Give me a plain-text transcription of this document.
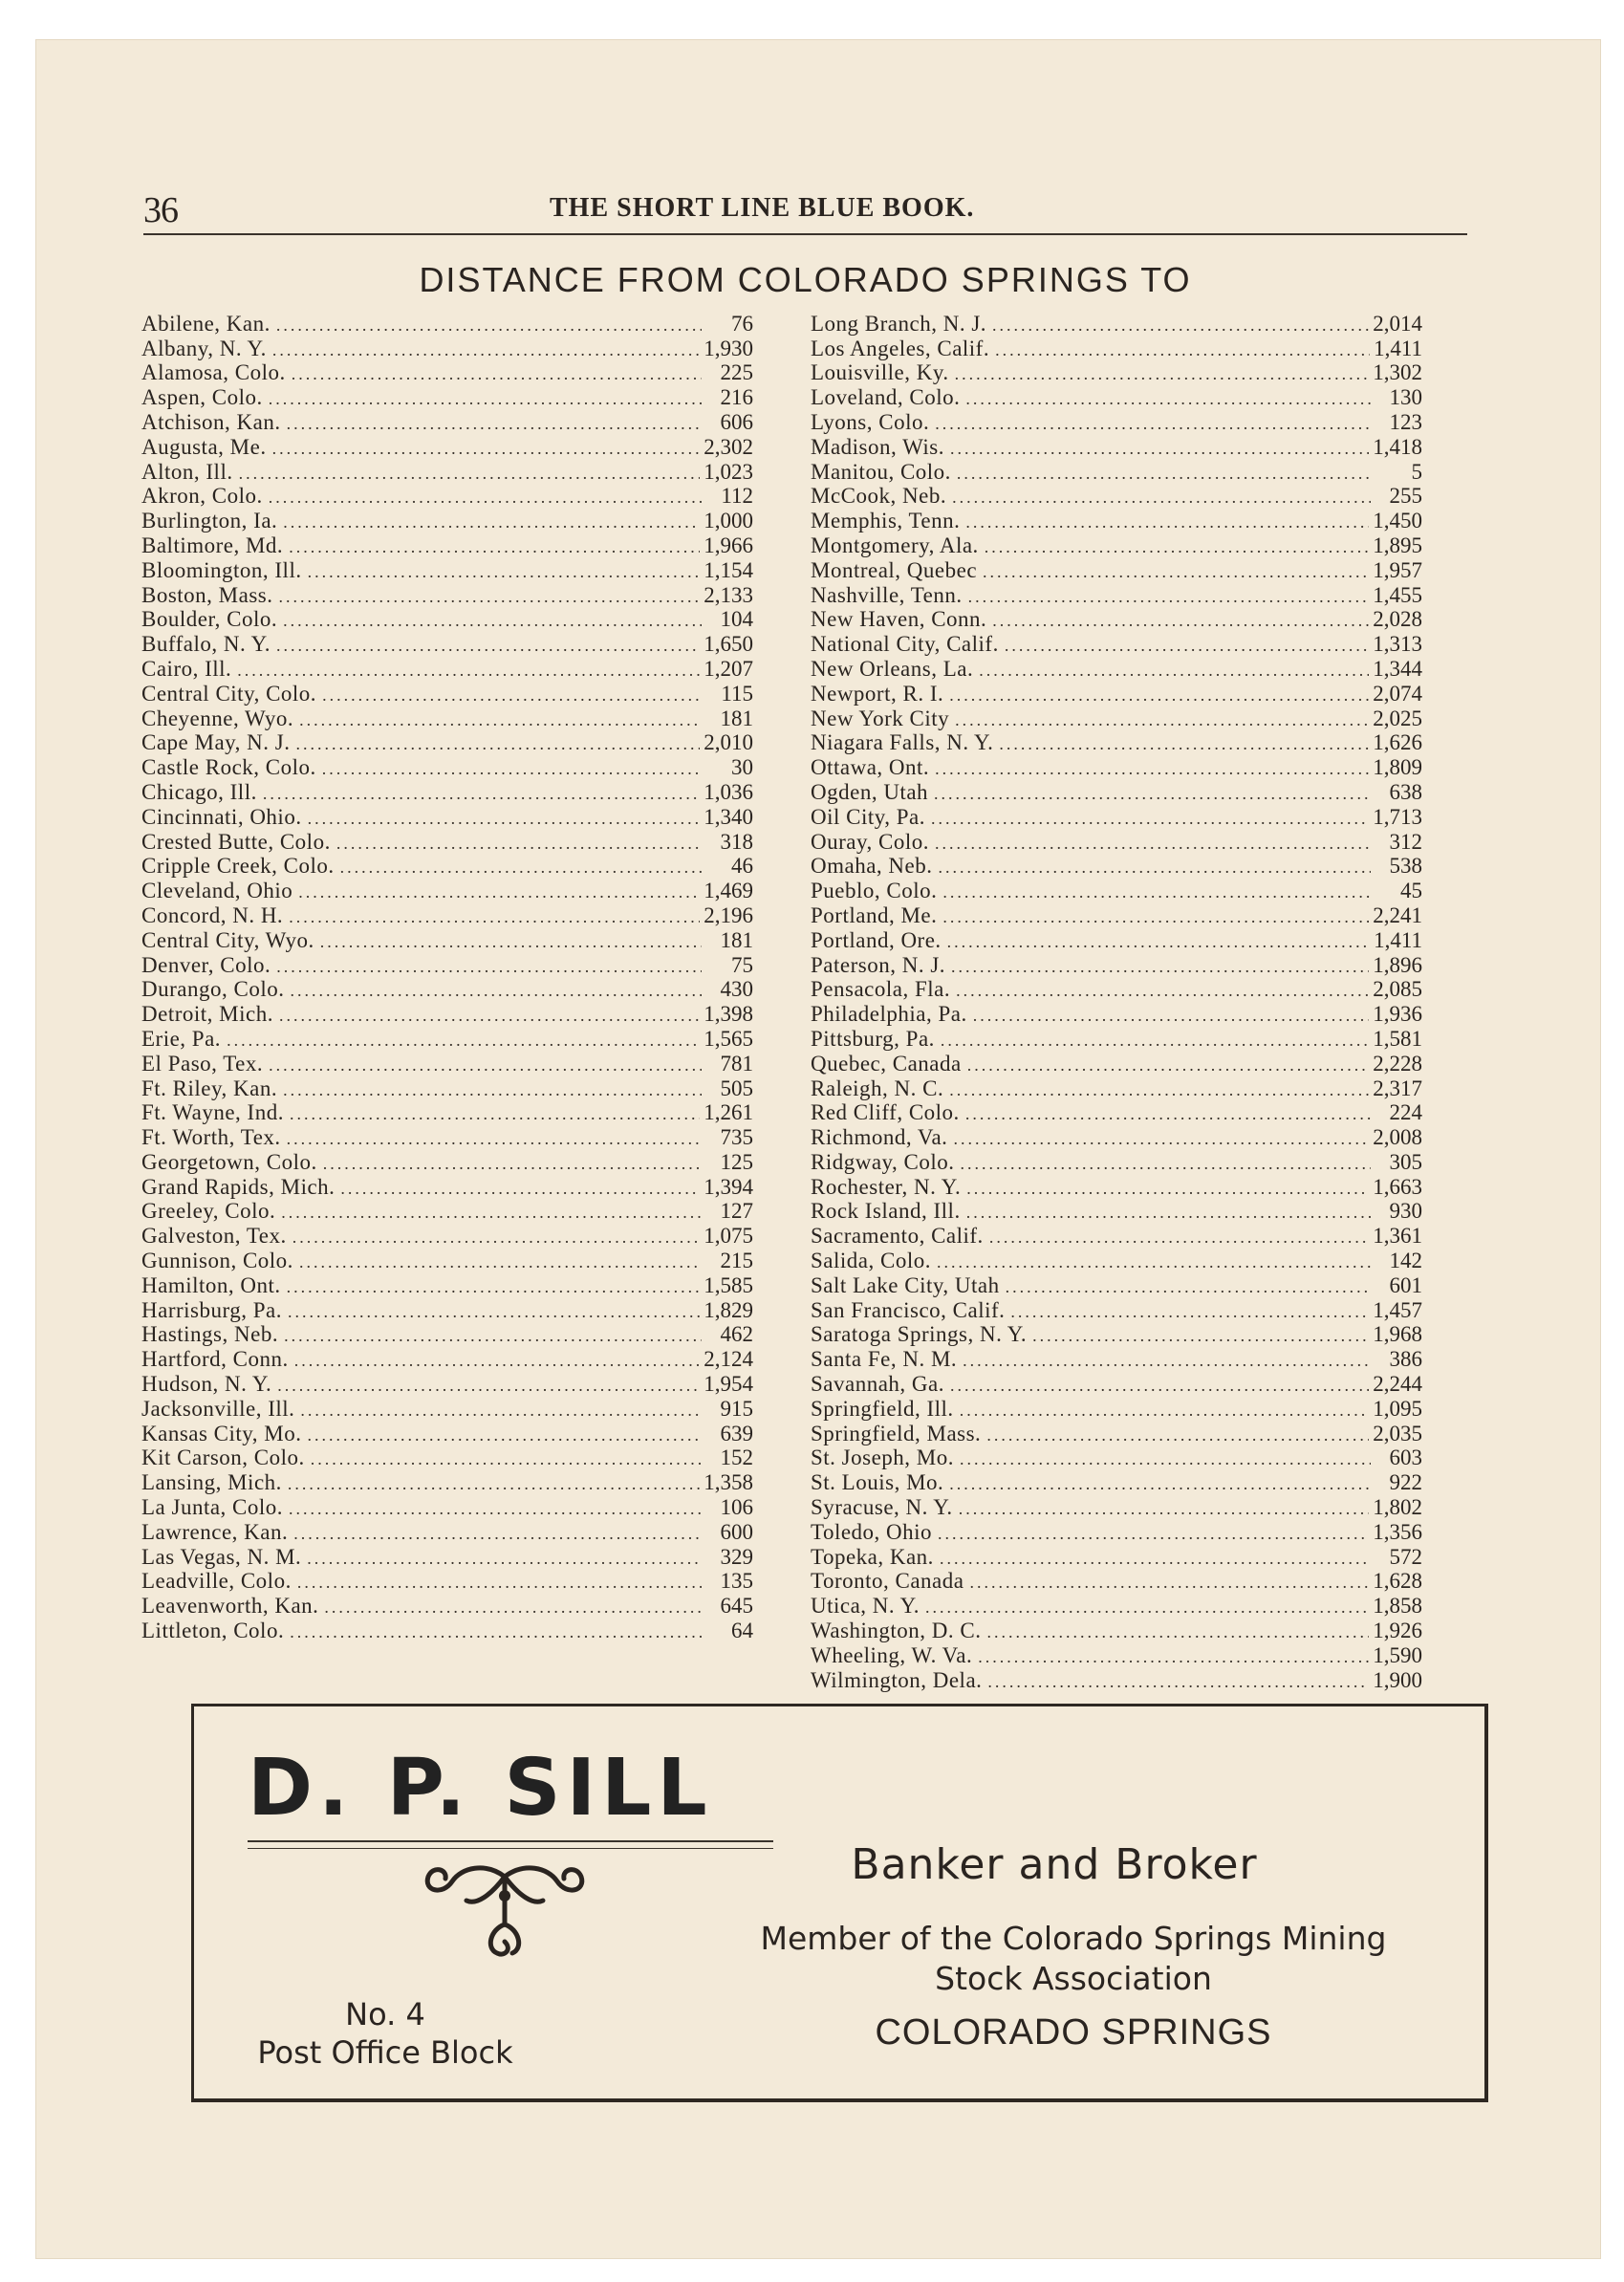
36	THE SHORT LINE BLUE BOOK.
DISTANCE FROM COLORADO SPRINGS TO
Abilene, Kan. .....	76
Albany, N. Y. .....	1,930
Alamosa, Colo. .....	225
Aspen, Colo. .....	216
Atchison, Kan. .....	606
Augusta, Me. .....	2,302
Alton, Ill. .....	1,023
Akron, Colo. .....	112
Burlington, Ia. .....	1,000
Baltimore, Md. .....	1,966
Bloomington, Ill. .....	1,154
Boston, Mass. .....	2,133
Boulder, Colo. .....	104
Buffalo, N. Y. .....	1,650
Cairo, Ill. .....	1,207
Central City, Colo. .....	115
Cheyenne, Wyo. .....	181
Cape May, N. J. .....	2,010
Castle Rock, Colo. .....	30
Chicago, Ill. .....	1,036
Cincinnati, Ohio. .....	1,340
Crested Butte, Colo. .....	318
Cripple Creek, Colo. .....	46
Cleveland, Ohio .....	1,469
Concord, N. H. .....	2,196
Central City, Wyo. .....	181
Denver, Colo. .....	75
Durango, Colo. .....	430
Detroit, Mich. .....	1,398
Erie, Pa. .....	1,565
El Paso, Tex. .....	781
Ft. Riley, Kan. .....	505
Ft. Wayne, Ind. .....	1,261
Ft. Worth, Tex. .....	735
Georgetown, Colo. .....	125
Grand Rapids, Mich. .....	1,394
Greeley, Colo. .....	127
Galveston, Tex. .....	1,075
Gunnison, Colo. .....	215
Hamilton, Ont. .....	1,585
Harrisburg, Pa. .....	1,829
Hastings, Neb. .....	462
Hartford, Conn. .....	2,124
Hudson, N. Y. .....	1,954
Jacksonville, Ill. .....	915
Kansas City, Mo. .....	639
Kit Carson, Colo. .....	152
Lansing, Mich. .....	1,358
La Junta, Colo. .....	106
Lawrence, Kan. .....	600
Las Vegas, N. M. .....	329
Leadville, Colo. .....	135
Leavenworth, Kan. .....	645
Littleton, Colo. .....	64
Long Branch, N. J. .....	2,014
Los Angeles, Calif. .....	1,411
Louisville, Ky. .....	1,302
Loveland, Colo. .....	130
Lyons, Colo. .....	123
Madison, Wis. .....	1,418
Manitou, Colo. .....	5
McCook, Neb. .....	255
Memphis, Tenn. .....	1,450
Montgomery, Ala. .....	1,895
Montreal, Quebec .....	1,957
Nashville, Tenn. .....	1,455
New Haven, Conn. .....	2,028
National City, Calif. .....	1,313
New Orleans, La. .....	1,344
Newport, R. I. .....	2,074
New York City .....	2,025
Niagara Falls, N. Y. .....	1,626
Ottawa, Ont. .....	1,809
Ogden, Utah .....	638
Oil City, Pa. .....	1,713
Ouray, Colo. .....	312
Omaha, Neb. .....	538
Pueblo, Colo. .....	45
Portland, Me. .....	2,241
Portland, Ore. .....	1,411
Paterson, N. J. .....	1,896
Pensacola, Fla. .....	2,085
Philadelphia, Pa. .....	1,936
Pittsburg, Pa. .....	1,581
Quebec, Canada .....	2,228
Raleigh, N. C. .....	2,317
Red Cliff, Colo. .....	224
Richmond, Va. .....	2,008
Ridgway, Colo. .....	305
Rochester, N. Y. .....	1,663
Rock Island, Ill. .....	930
Sacramento, Calif. .....	1,361
Salida, Colo. .....	142
Salt Lake City, Utah .....	601
San Francisco, Calif. .....	1,457
Saratoga Springs, N. Y. .....	1,968
Santa Fe, N. M. .....	386
Savannah, Ga. .....	2,244
Springfield, Ill. .....	1,095
Springfield, Mass. .....	2,035
St. Joseph, Mo. .....	603
St. Louis, Mo. .....	922
Syracuse, N. Y. .....	1,802
Toledo, Ohio .....	1,356
Topeka, Kan. .....	572
Toronto, Canada .....	1,628
Utica, N. Y. .....	1,858
Washington, D. C. .....	1,926
Wheeling, W. Va. .....	1,590
Wilmington, Dela. .....	1,900
D. P. SILL
Banker and Broker
Member of the Colorado Springs Mining
Stock Association
No. 4
Post Office Block	COLORADO SPRINGS
